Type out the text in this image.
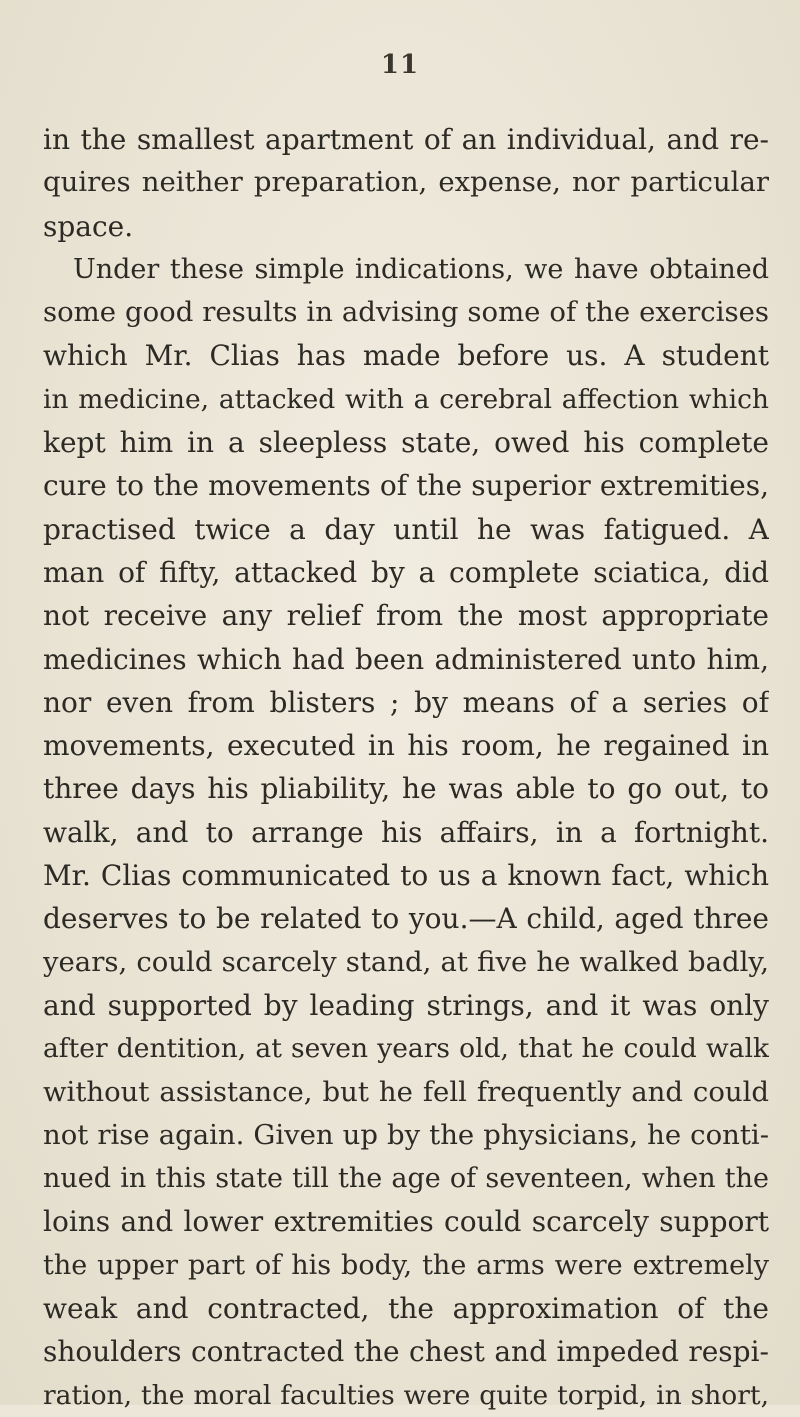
11
in the smallest apartment of an individual, and re-
quires neither preparation, expense, nor particular
space.
Under these simple indications, we have obtained
some good results in advising some of the exercises
which Mr. Clias has made before us. A student
in medicine, attacked with a cerebral affection which
kept him in a sleepless state, owed his complete
cure to the movements of the superior extremities,
practised twice a day until he was fatigued. A
man of fifty, attacked by a complete sciatica, did
not receive any relief from the most appropriate
medicines which had been administered unto him,
nor even from blisters ; by means of a series of
movements, executed in his room, he regained in
three days his pliability, he was able to go out, to
walk, and to arrange his affairs, in a fortnight.
Mr. Clias communicated to us a known fact, which
deserves to be related to you.—A child, aged three
years, could scarcely stand, at five he walked badly,
and supported by leading strings, and it was only
after dentition, at seven years old, that he could walk
without assistance, but he fell frequently and could
not rise again. Given up by the physicians, he conti-
nued in this state till the age of seventeen, when the
loins and lower extremities could scarcely support
the upper part of his body, the arms were extremely
weak and contracted, the approximation of the
shoulders contracted the chest and impeded respi-
ration, the moral faculties were quite torpid, in short,
